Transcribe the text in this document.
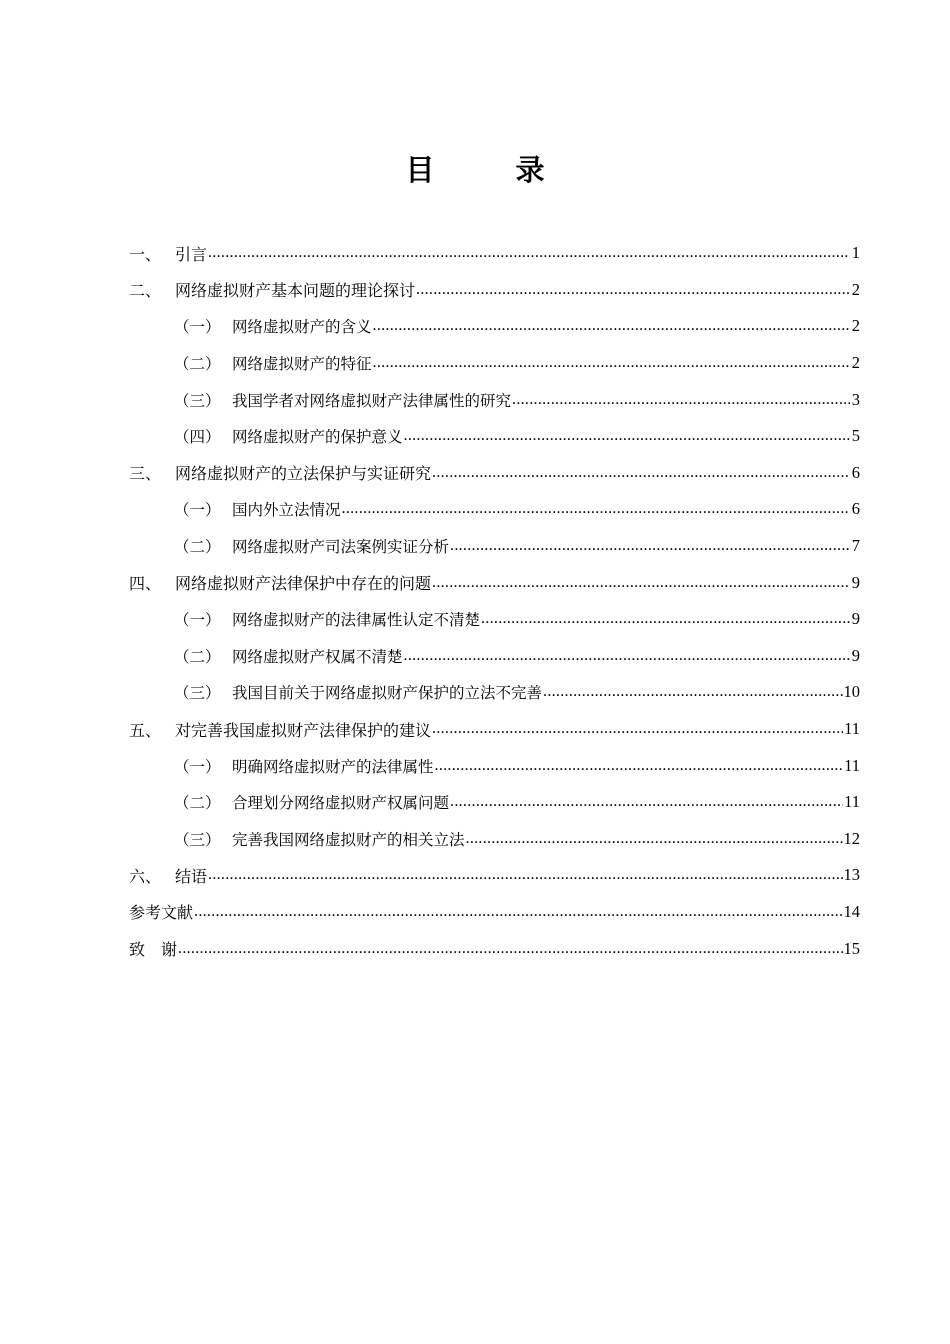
目　录
一、 引言 .....	1
二、 网络虚拟财产基本问题的理论探讨 .....	2
（一） 网络虚拟财产的含义 .....	2
（二） 网络虚拟财产的特征 .....	2
（三） 我国学者对网络虚拟财产法律属性的研究 .....	3
（四） 网络虚拟财产的保护意义 .....	5
三、 网络虚拟财产的立法保护与实证研究 .....	6
（一） 国内外立法情况 .....	6
（二） 网络虚拟财产司法案例实证分析 .....	7
四、 网络虚拟财产法律保护中存在的问题 .....	9
（一） 网络虚拟财产的法律属性认定不清楚 .....	9
（二） 网络虚拟财产权属不清楚 .....	9
（三） 我国目前关于网络虚拟财产保护的立法不完善 .....	10
五、 对完善我国虚拟财产法律保护的建议 .....	11
（一） 明确网络虚拟财产的法律属性 .....	11
（二） 合理划分网络虚拟财产权属问题 .....	11
（三） 完善我国网络虚拟财产的相关立法 .....	12
六、 结语 .....	13
参考文献 .....	14
致　谢 .....	15
